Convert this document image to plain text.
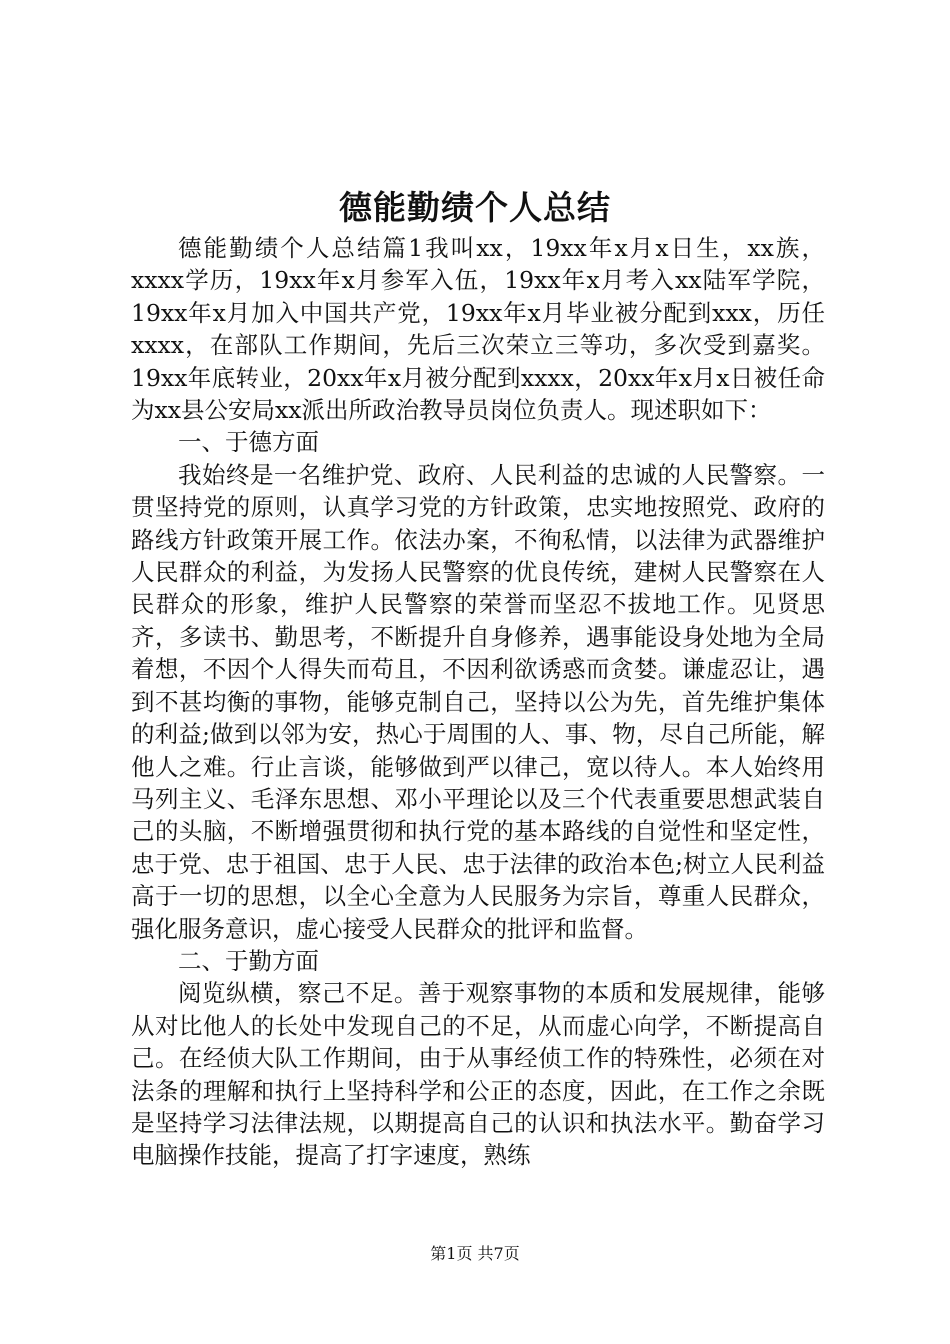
德能勤绩个人总结

德能勤绩个人总结篇1我叫xx，19xx年x月x日生，xx族，xxxx学历，19xx年x月参军入伍，19xx年x月考入xx陆军学院，19xx年x月加入中国共产党，19xx年x月毕业被分配到xxx，历任xxxx，在部队工作期间，先后三次荣立三等功，多次受到嘉奖。19xx年底转业，20xx年x月被分配到xxxx，20xx年x月x日被任命为xx县公安局xx派出所政治教导员岗位负责人。现述职如下：

一、于德方面

我始终是一名维护党、政府、人民利益的忠诚的人民警察。一贯坚持党的原则，认真学习党的方针政策，忠实地按照党、政府的路线方针政策开展工作。依法办案，不徇私情，以法律为武器维护人民群众的利益，为发扬人民警察的优良传统，建树人民警察在人民群众的形象，维护人民警察的荣誉而坚忍不拔地工作。见贤思齐，多读书、勤思考，不断提升自身修养，遇事能设身处地为全局着想，不因个人得失而苟且，不因利欲诱惑而贪婪。谦虚忍让，遇到不甚均衡的事物，能够克制自己，坚持以公为先，首先维护集体的利益;做到以邻为安，热心于周围的人、事、物，尽自己所能，解他人之难。行止言谈，能够做到严以律己，宽以待人。本人始终用马列主义、毛泽东思想、邓小平理论以及三个代表重要思想武装自己的头脑，不断增强贯彻和执行党的基本路线的自觉性和坚定性，忠于党、忠于祖国、忠于人民、忠于法律的政治本色;树立人民利益高于一切的思想，以全心全意为人民服务为宗旨，尊重人民群众，强化服务意识，虚心接受人民群众的批评和监督。

二、于勤方面

阅览纵横，察己不足。善于观察事物的本质和发展规律，能够从对比他人的长处中发现自己的不足，从而虚心向学，不断提高自己。在经侦大队工作期间，由于从事经侦工作的特殊性，必须在对法条的理解和执行上坚持科学和公正的态度，因此，在工作之余既是坚持学习法律法规，以期提高自己的认识和执法水平。勤奋学习电脑操作技能，提高了打字速度，熟练

第1页 共7页
